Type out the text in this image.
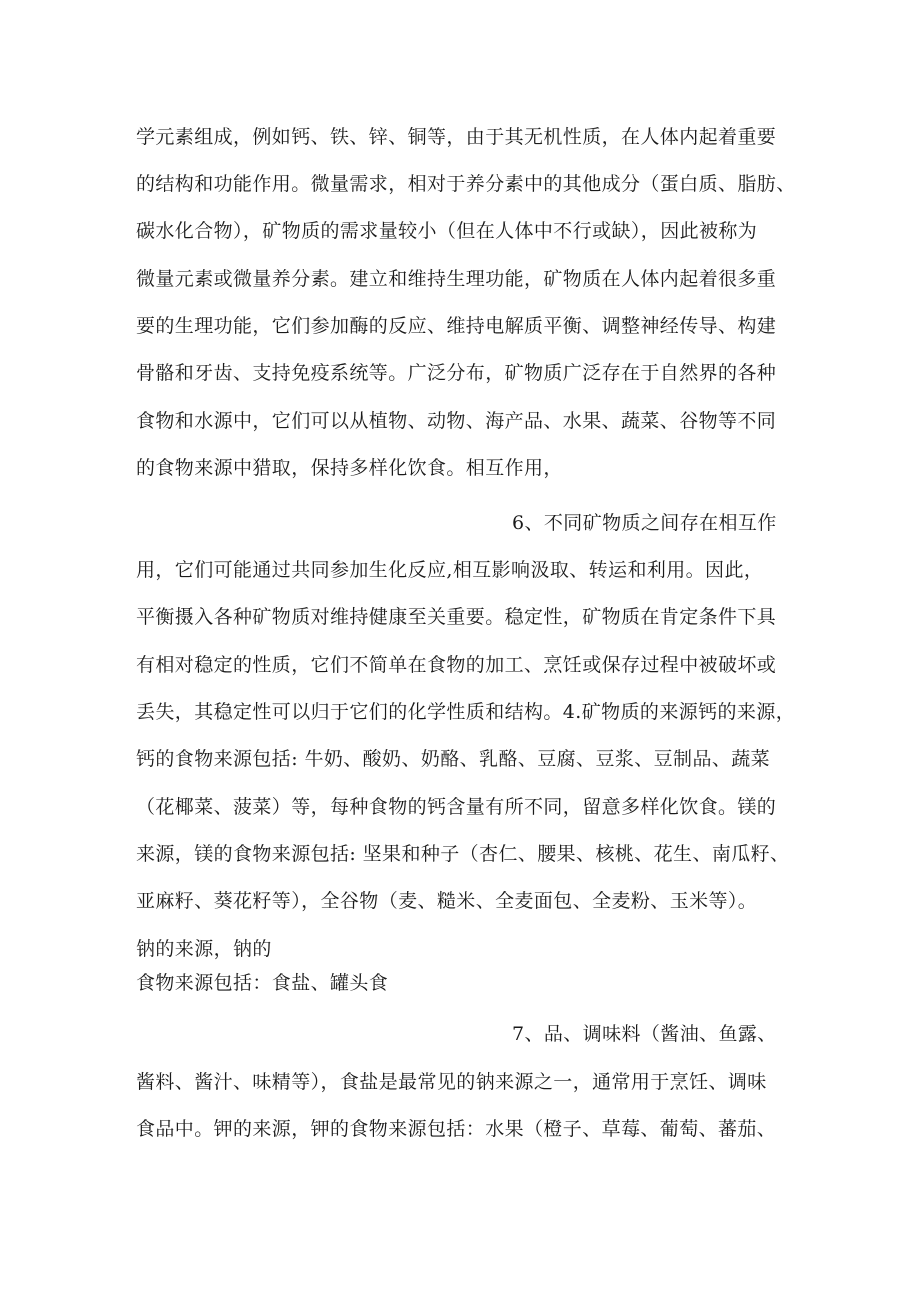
学元素组成，例如钙、铁、锌、铜等，由于其无机性质，在人体内起着重要
的结构和功能作用。微量需求，相对于养分素中的其他成分（蛋白质、脂肪、
碳水化合物），矿物质的需求量较小（但在人体中不行或缺），因此被称为
微量元素或微量养分素。建立和维持生理功能，矿物质在人体内起着很多重
要的生理功能，它们参加酶的反应、维持电解质平衡、调整神经传导、构建
骨骼和牙齿、支持免疫系统等。广泛分布，矿物质广泛存在于自然界的各种
食物和水源中，它们可以从植物、动物、海产品、水果、蔬菜、谷物等不同
的食物来源中猎取，保持多样化饮食。相互作用，
6、不同矿物质之间存在相互作
用，它们可能通过共同参加生化反应,相互影响汲取、转运和利用。因此，
平衡摄入各种矿物质对维持健康至关重要。稳定性，矿物质在肯定条件下具
有相对稳定的性质，它们不简单在食物的加工、烹饪或保存过程中被破坏或
丢失，其稳定性可以归于它们的化学性质和结构。4.矿物质的来源钙的来源，
钙的食物来源包括: 牛奶、酸奶、奶酪、乳酪、豆腐、豆浆、豆制品、蔬菜
（花椰菜、菠菜）等，每种食物的钙含量有所不同，留意多样化饮食。镁的
来源，镁的食物来源包括: 坚果和种子（杏仁、腰果、核桃、花生、南瓜籽、
亚麻籽、葵花籽等），全谷物（麦、糙米、全麦面包、全麦粉、玉米等）。
钠的来源，钠的
食物来源包括：食盐、罐头食
7、品、调味料（酱油、鱼露、
酱料、酱汁、味精等），食盐是最常见的钠来源之一，通常用于烹饪、调味
食品中。钾的来源，钾的食物来源包括：水果（橙子、草莓、葡萄、蕃茄、
